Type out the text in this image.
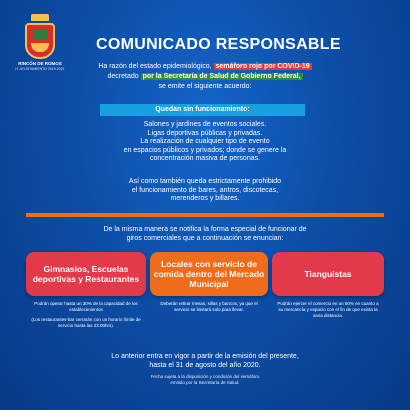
RINCÓN DE ROMOS
H. AYUNTAMIENTO 2019-2021
COMUNICADO RESPONSABLE
Ha razón del estado epidemiológico, semáforo rojo por COVID-19
decretado por la Secretaría de Salud de Gobierno Federal,
se emite el siguiente acuerdo:
Quedan sin funcionamiento:
Salones y jardines de eventos sociales.
Ligas deportivas públicas y privadas.
La realización de cualquier tipo de evento
en espacios públicos y privados; donde se genere la
concentración masiva de personas.
Así como también queda estrictamente prohibido
el funcionamiento de bares, antros, discotecas,
merenderos y billares.
De la misma manera se notifica la forma especial de funcionar de
giros comerciales que a continuación se enuncian:
Gimnasios, Escuelas deportivas y Restaurantes
Podrán operar hasta un 30% de la capacidad de los establecimientos
(Los restaurantes-bar cerrarán con un horario límite de servicio hasta las 23:00hrs).
Locales con servicio de comida dentro del Mercado Municipal
Deberán retirar mesas, sillas y bancos, ya que el servicio se limitará solo para llevar.
Tianguistas
Podrán ejercer el comercio en un 50% en cuanto a su mercancía y espacio con el fin de que exista la sana distancia.
Lo anterior entra en vigor a partir de la emisión del presente,
hasta el 31 de agosto del año 2020.
Fecha sujeta a la disposición y condición del semáforo
emitido por la Secretaría de Salud.
